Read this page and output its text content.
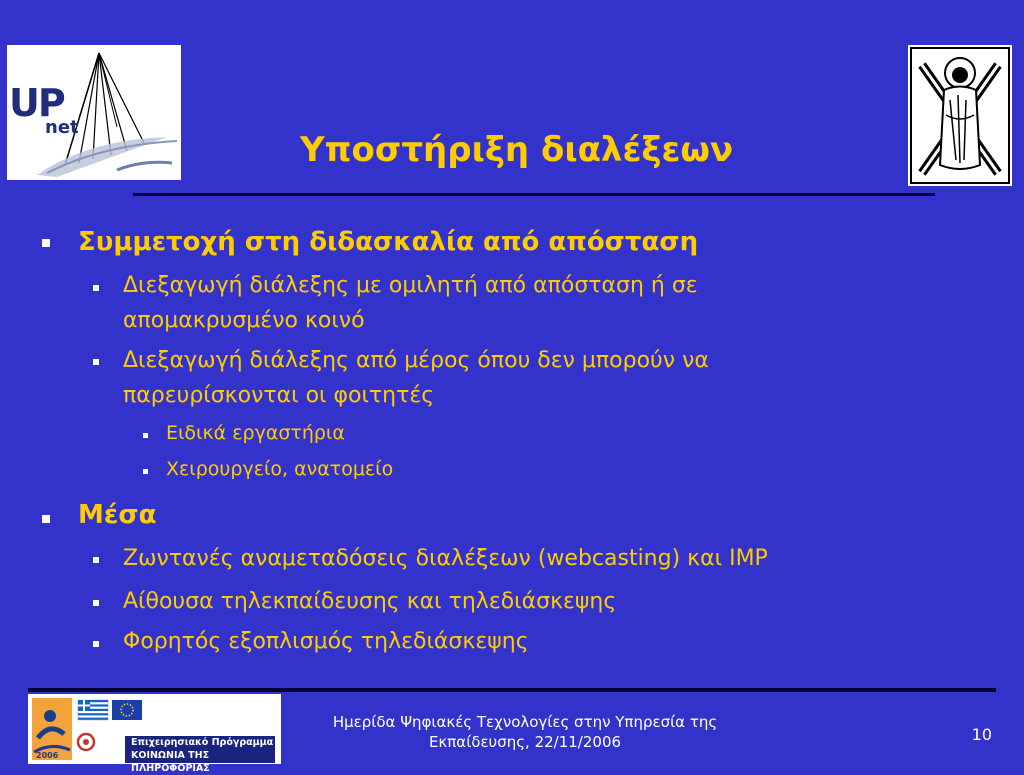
UP
net
Υποστήριξη διαλέξεων
Συμμετοχή στη διδασκαλία από απόσταση
Διεξαγωγή διάλεξης με ομιλητή από απόσταση ή σε
απομακρυσμένο κοινό
Διεξαγωγή διάλεξης από μέρος όπου δεν μπορούν να
παρευρίσκονται οι φοιτητές
Ειδικά εργαστήρια
Χειρουργείο, ανατομείο
Μέσα
Ζωντανές αναμεταδόσεις διαλέξεων (webcasting) και IMP
Αίθουσα τηλεκπαίδευσης και τηλεδιάσκεψης
Φορητός εξοπλισμός τηλεδιάσκεψης
Επιχειρησιακό Πρόγραμμα
ΚΟΙΝΩΝΙΑ ΤΗΣ ΠΛΗΡΟΦΟΡΙΑΣ
2006
Ημερίδα Ψηφιακές Τεχνολογίες στην Υπηρεσία της
Εκπαίδευσης, 22/11/2006	10
